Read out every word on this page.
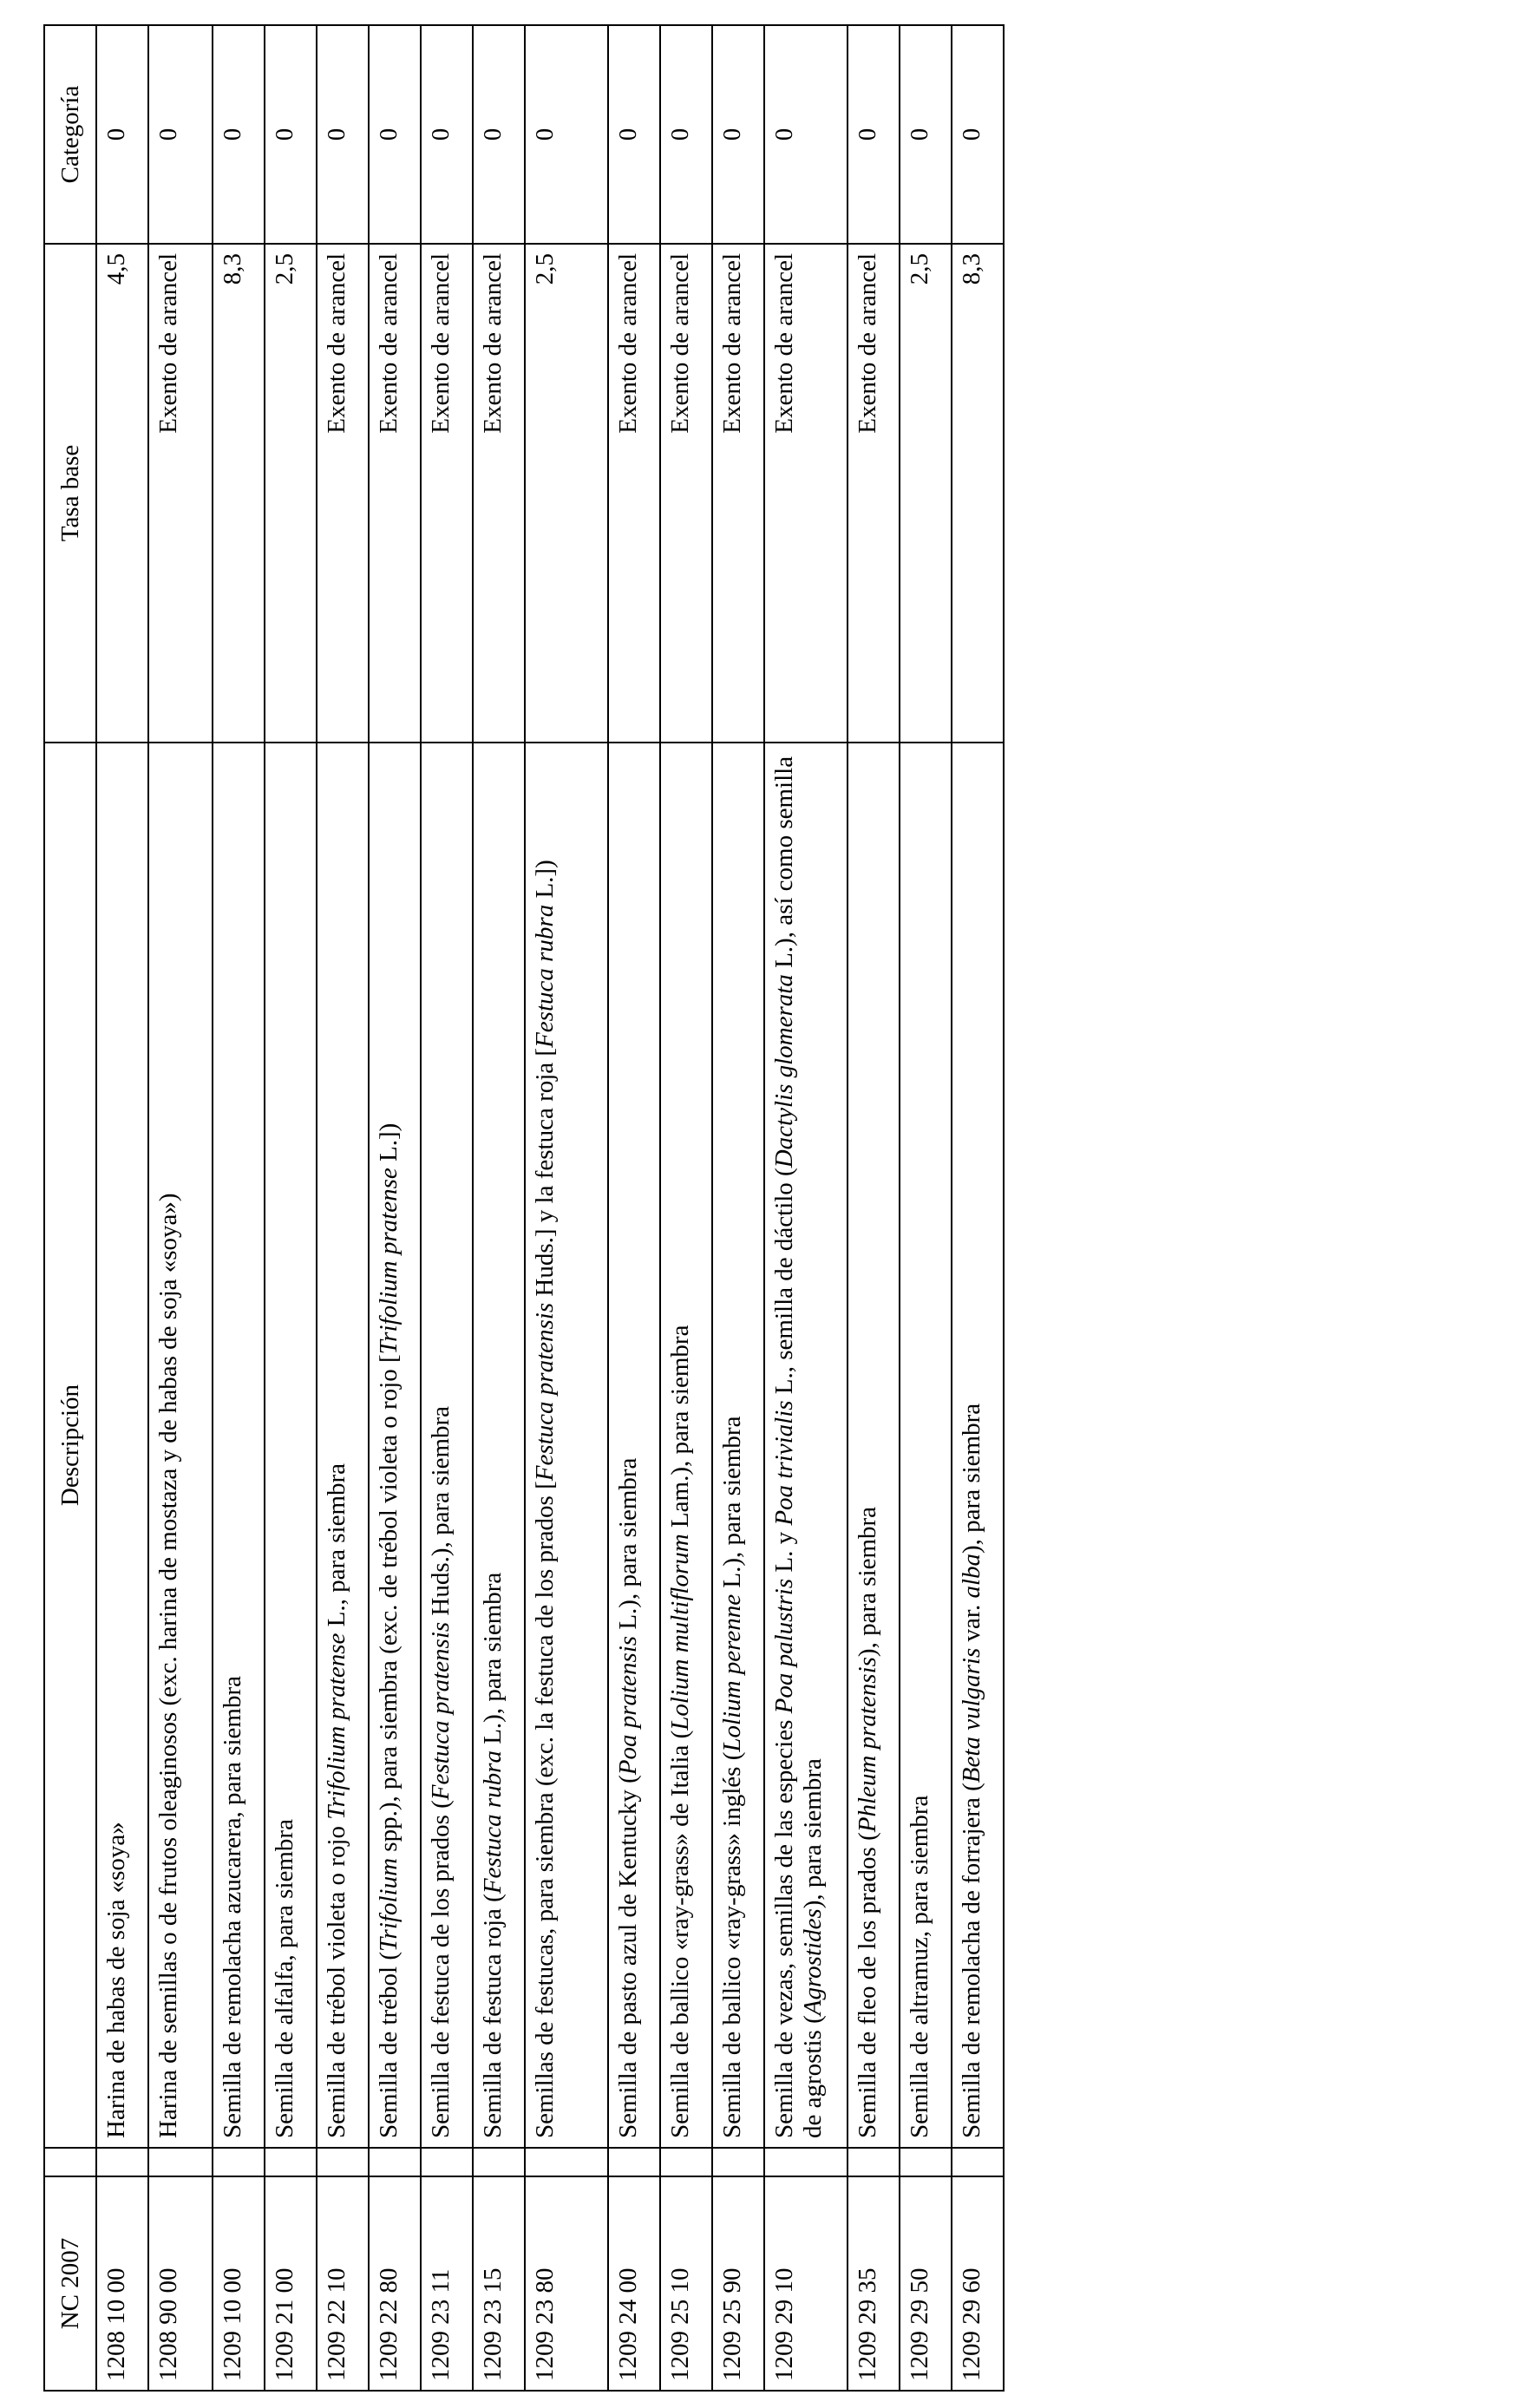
NC 2007		Descripción	Tasa base	Categoría
1208 10 00		Harina de habas de soja «soya»	4,5	0
1208 90 00		Harina de semillas o de frutos oleaginosos (exc. harina de mostaza y de habas de soja «soya»)	Exento de arancel	0
1209 10 00		Semilla de remolacha azucarera, para siembra	8,3	0
1209 21 00		Semilla de alfalfa, para siembra	2,5	0
1209 22 10		Semilla de trébol violeta o rojo Trifolium pratense L., para siembra	Exento de arancel	0
1209 22 80		Semilla de trébol (Trifolium spp.), para siembra (exc. de trébol violeta o rojo [Trifolium pratense L.])	Exento de arancel	0
1209 23 11		Semilla de festuca de los prados (Festuca pratensis Huds.), para siembra	Exento de arancel	0
1209 23 15		Semilla de festuca roja (Festuca rubra L.), para siembra	Exento de arancel	0
1209 23 80		Semillas de festucas, para siembra (exc. la festuca de los prados [Festuca pratensis Huds.] y la festuca roja [Festuca rubra L.])	2,5	0
1209 24 00		Semilla de pasto azul de Kentucky (Poa pratensis L.), para siembra	Exento de arancel	0
1209 25 10		Semilla de ballico «ray-grass» de Italia (Lolium multiflorum Lam.), para siembra	Exento de arancel	0
1209 25 90		Semilla de ballico «ray-grass» inglés (Lolium perenne L.), para siembra	Exento de arancel	0
1209 29 10		Semilla de vezas, semillas de las especies Poa palustris L. y Poa trivialis L., semilla de dáctilo (Dactylis glomerata L.), así como semilla de agrostis (Agrostides), para siembra	Exento de arancel	0
1209 29 35		Semilla de fleo de los prados (Phleum pratensis), para siembra	Exento de arancel	0
1209 29 50		Semilla de altramuz, para siembra	2,5	0
1209 29 60		Semilla de remolacha de forrajera (Beta vulgaris var. alba), para siembra	8,3	0
